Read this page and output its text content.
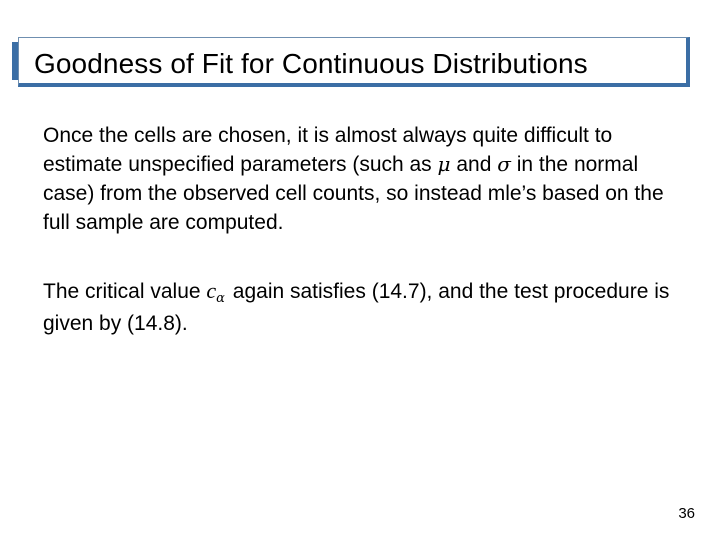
Goodness of Fit for Continuous Distributions
Once the cells are chosen, it is almost always quite difficult to estimate unspecified parameters (such as μ and σ in the normal case) from the observed cell counts, so instead mle’s based on the full sample are computed.
The critical value cα again satisfies (14.7), and the test procedure is given by (14.8).
36
